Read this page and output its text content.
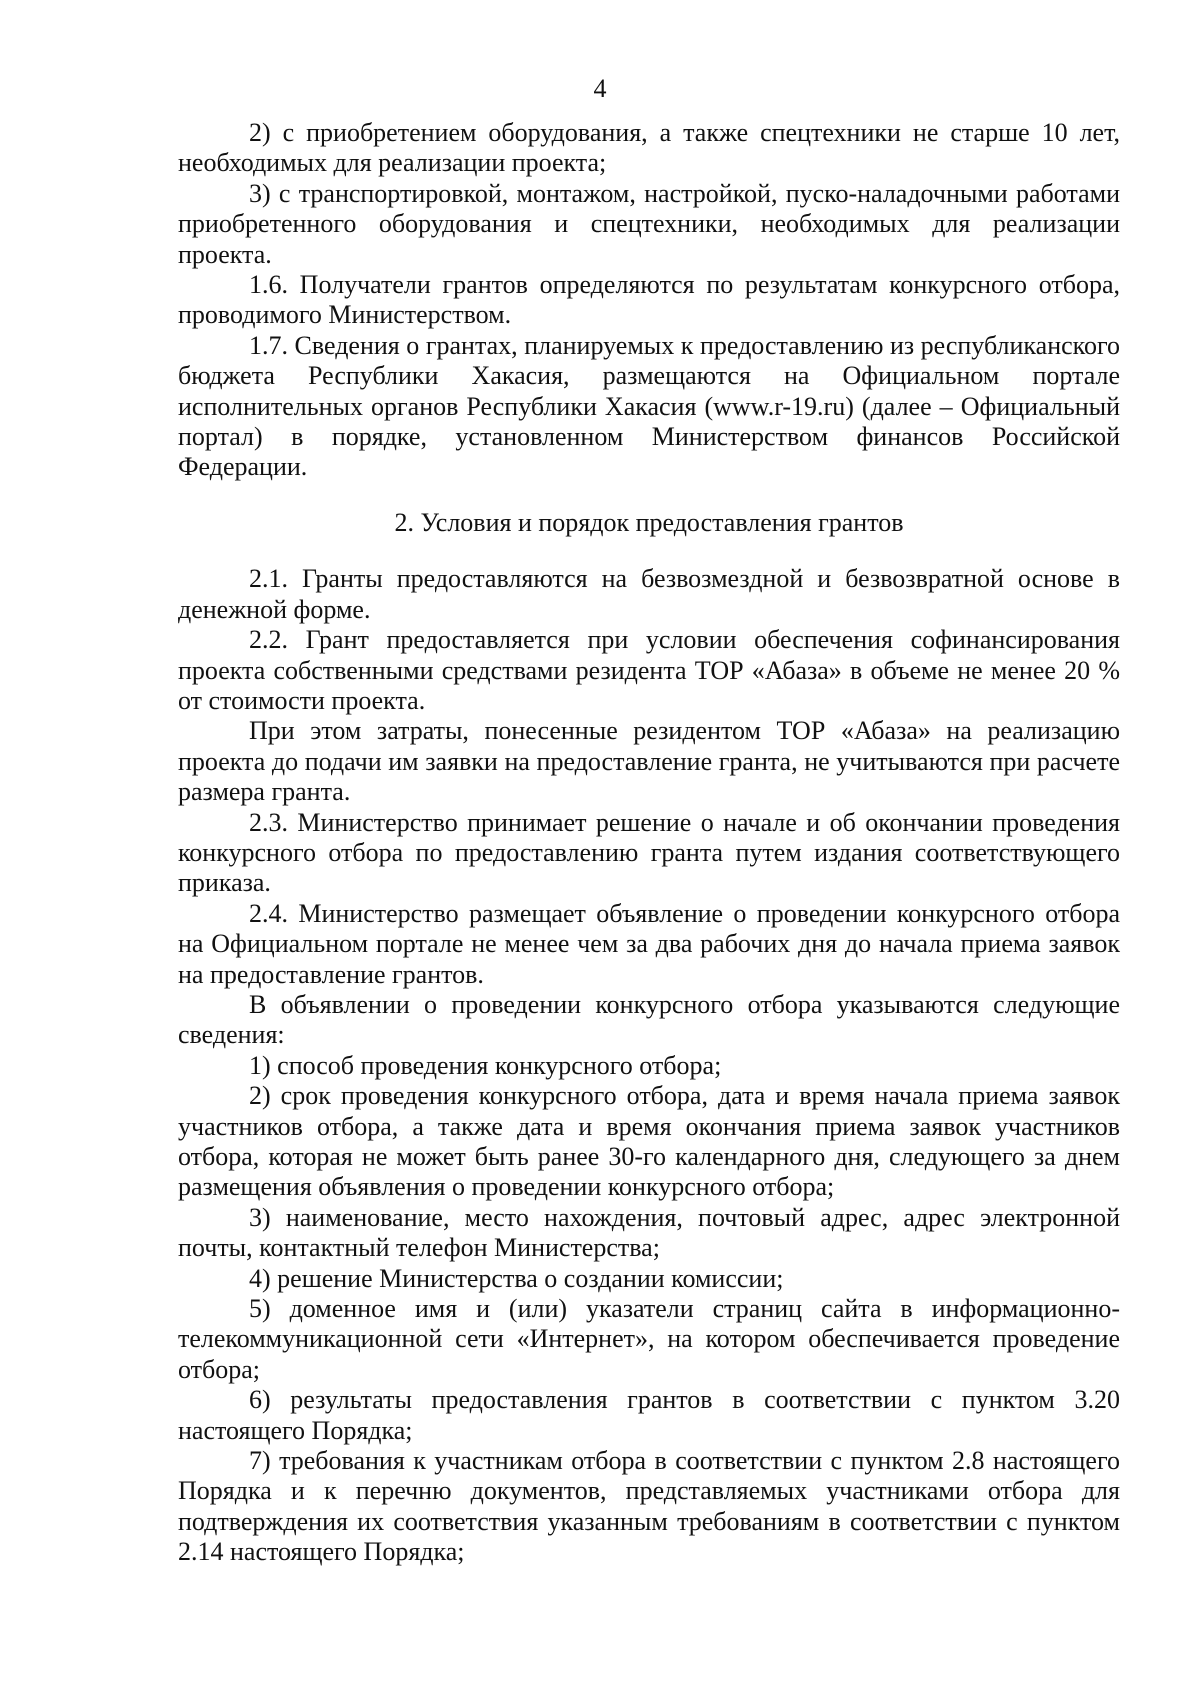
4

2) с приобретением оборудования, а также спецтехники не старше 10 лет, необходимых для реализации проекта;

3) с транспортировкой, монтажом, настройкой, пуско-наладочными работами приобретенного оборудования и спецтехники, необходимых для реализации проекта.

1.6. Получатели грантов определяются по результатам конкурсного отбора, проводимого Министерством.

1.7. Сведения о грантах, планируемых к предоставлению из республиканского бюджета Республики Хакасия, размещаются на Официальном портале исполнительных органов Республики Хакасия (www.r-19.ru) (далее – Официальный портал) в порядке, установленном Министерством финансов Российской Федерации.

2. Условия и порядок предоставления грантов

2.1. Гранты предоставляются на безвозмездной и безвозвратной основе в денежной форме.

2.2. Грант предоставляется при условии обеспечения софинансирования проекта собственными средствами резидента ТОР «Абаза» в объеме не менее 20 % от стоимости проекта.

При этом затраты, понесенные резидентом ТОР «Абаза» на реализацию проекта до подачи им заявки на предоставление гранта, не учитываются при расчете размера гранта.

2.3. Министерство принимает решение о начале и об окончании проведения конкурсного отбора по предоставлению гранта путем издания соответствующего приказа.

2.4. Министерство размещает объявление о проведении конкурсного отбора на Официальном портале не менее чем за два рабочих дня до начала приема заявок на предоставление грантов.

В объявлении о проведении конкурсного отбора указываются следующие сведения:

1) способ проведения конкурсного отбора;

2) срок проведения конкурсного отбора, дата и время начала приема заявок участников отбора, а также дата и время окончания приема заявок участников отбора, которая не может быть ранее 30-го календарного дня, следующего за днем размещения объявления о проведении конкурсного отбора;

3) наименование, место нахождения, почтовый адрес, адрес электронной почты, контактный телефон Министерства;

4) решение Министерства о создании комиссии;

5) доменное имя и (или) указатели страниц сайта в информационно-телекоммуникационной сети «Интернет», на котором обеспечивается проведение отбора;

6) результаты предоставления грантов в соответствии с пунктом 3.20 настоящего Порядка;

7) требования к участникам отбора в соответствии с пунктом 2.8 настоящего Порядка и к перечню документов, представляемых участниками отбора для подтверждения их соответствия указанным требованиям в соответствии с пунктом 2.14 настоящего Порядка;
